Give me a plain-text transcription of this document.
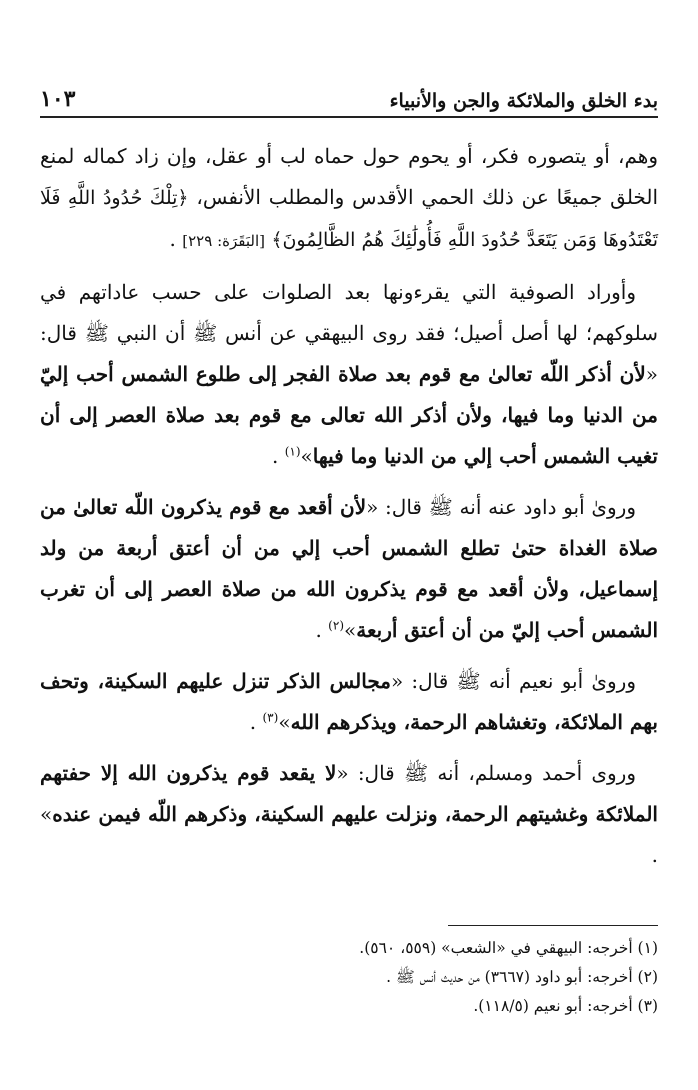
بدء الخلق والملائكة والجن والأنبياء
١٠٣

وهم، أو يتصوره فكر، أو يحوم حول حماه لب أو عقل، وإن زاد كماله لمنع الخلق جميعًا عن ذلك الحمي الأقدس والمطلب الأنفس، ﴿تِلْكَ حُدُودُ اللَّهِ فَلَا تَعْتَدُوهَا وَمَن يَتَعَدَّ حُدُودَ اللَّهِ فَأُولَٰئِكَ هُمُ الظَّالِمُونَ﴾ [البَقَرَة: ٢٢٩] .

وأوراد الصوفية التي يقرءونها بعد الصلوات على حسب عاداتهم في سلوكهم؛ لها أصل أصيل؛ فقد روى البيهقي عن أنس ﷺ أن النبي ﷺ قال: «لأن أذكر اللّه تعالىٰ مع قوم بعد صلاة الفجر إلى طلوع الشمس أحب إليّ من الدنيا وما فيها، ولأن أذكر الله تعالى مع قوم بعد صلاة العصر إلى أن تغيب الشمس أحب إلي من الدنيا وما فيها»$^{(١)}$ .

ورویٰ أبو داود عنه أنه ﷺ قال: «لأن أقعد مع قوم يذكرون اللّه تعالىٰ من صلاة الغداة حتىٰ تطلع الشمس أحب إلي من أن أعتق أربعة من ولد إسماعيل، ولأن أقعد مع قوم يذكرون الله من صلاة العصر إلى أن تغرب الشمس أحب إليّ من أن أعتق أربعة»$^{(٢)}$ .

ورویٰ أبو نعيم أنه ﷺ قال: «مجالس الذكر تنزل عليهم السكينة، وتحف بهم الملائكة، وتغشاهم الرحمة، ويذكرهم الله»$^{(٣)}$ .

وروى أحمد ومسلم، أنه ﷺ قال: «لا يقعد قوم يذكرون الله إلا حفتهم الملائكة وغشيتهم الرحمة، ونزلت عليهم السكينة، وذكرهم اللّه فيمن عنده» .

(١) أخرجه: البيهقي في «الشعب» (٥٥٩، ٥٦٠).
(٢) أخرجه: أبو داود (٣٦٦٧) من حديث أنس ﷺ .
(٣) أخرجه: أبو نعيم (١١٨/٥).
